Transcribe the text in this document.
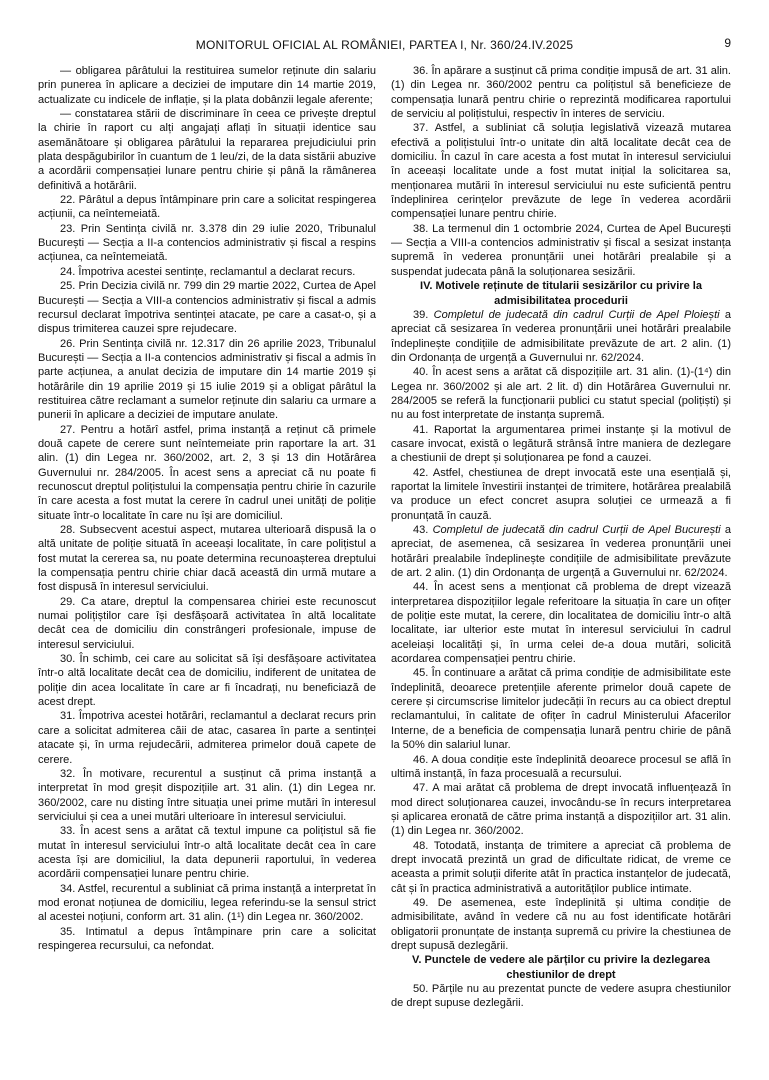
MONITORUL OFICIAL AL ROMÂNIEI, PARTEA I, Nr. 360/24.IV.2025	9

— obligarea pârâtului la restituirea sumelor reținute din salariu prin punerea în aplicare a deciziei de imputare din 14 martie 2019, actualizate cu indicele de inflație, și la plata dobânzii legale aferente;

— constatarea stării de discriminare în ceea ce privește dreptul la chirie în raport cu alți angajați aflați în situații identice sau asemănătoare și obligarea pârâtului la repararea prejudiciului prin plata despăgubirilor în cuantum de 1 leu/zi, de la data sistării abuzive a acordării compensației lunare pentru chirie și până la rămânerea definitivă a hotărârii.

22. Pârâtul a depus întâmpinare prin care a solicitat respingerea acțiunii, ca neîntemeiată.

23. Prin Sentința civilă nr. 3.378 din 29 iulie 2020, Tribunalul București — Secția a II-a contencios administrativ și fiscal a respins acțiunea, ca neîntemeiată.

24. Împotriva acestei sentințe, reclamantul a declarat recurs.

25. Prin Decizia civilă nr. 799 din 29 martie 2022, Curtea de Apel București — Secția a VIII-a contencios administrativ și fiscal a admis recursul declarat împotriva sentinței atacate, pe care a casat-o, și a dispus trimiterea cauzei spre rejudecare.

26. Prin Sentința civilă nr. 12.317 din 26 aprilie 2023, Tribunalul București — Secția a II-a contencios administrativ și fiscal a admis în parte acțiunea, a anulat decizia de imputare din 14 martie 2019 și hotărârile din 19 aprilie 2019 și 15 iulie 2019 și a obligat pârâtul la restituirea către reclamant a sumelor reținute din salariu ca urmare a punerii în aplicare a deciziei de imputare anulate.

27. Pentru a hotărî astfel, prima instanță a reținut că primele două capete de cerere sunt neîntemeiate prin raportare la art. 31 alin. (1) din Legea nr. 360/2002, art. 2, 3 și 13 din Hotărârea Guvernului nr. 284/2005. În acest sens a apreciat că nu poate fi recunoscut dreptul polițistului la compensația pentru chirie în cazurile în care acesta a fost mutat la cerere în cadrul unei unități de poliție situate într-o localitate în care nu își are domiciliul.

28. Subsecvent acestui aspect, mutarea ulterioară dispusă la o altă unitate de poliție situată în aceeași localitate, în care polițistul a fost mutat la cererea sa, nu poate determina recunoașterea dreptului la compensația pentru chirie chiar dacă această din urmă mutare a fost dispusă în interesul serviciului.

29. Ca atare, dreptul la compensarea chiriei este recunoscut numai polițiștilor care își desfășoară activitatea în altă localitate decât cea de domiciliu din constrângeri profesionale, impuse de interesul serviciului.

30. În schimb, cei care au solicitat să își desfășoare activitatea într-o altă localitate decât cea de domiciliu, indiferent de unitatea de poliție din acea localitate în care ar fi încadrați, nu beneficiază de acest drept.

31. Împotriva acestei hotărâri, reclamantul a declarat recurs prin care a solicitat admiterea căii de atac, casarea în parte a sentinței atacate și, în urma rejudecării, admiterea primelor două capete de cerere.

32. În motivare, recurentul a susținut că prima instanță a interpretat în mod greșit dispozițiile art. 31 alin. (1) din Legea nr. 360/2002, care nu disting între situația unei prime mutări în interesul serviciului și cea a unei mutări ulterioare în interesul serviciului.

33. În acest sens a arătat că textul impune ca polițistul să fie mutat în interesul serviciului într-o altă localitate decât cea în care acesta își are domiciliul, la data depunerii raportului, în vederea acordării compensației lunare pentru chirie.

34. Astfel, recurentul a subliniat că prima instanță a interpretat în mod eronat noțiunea de domiciliu, legea referindu-se la sensul strict al acestei noțiuni, conform art. 31 alin. (1¹) din Legea nr. 360/2002.

35. Intimatul a depus întâmpinare prin care a solicitat respingerea recursului, ca nefondat.

36. În apărare a susținut că prima condiție impusă de art. 31 alin. (1) din Legea nr. 360/2002 pentru ca polițistul să beneficieze de compensația lunară pentru chirie o reprezintă modificarea raportului de serviciu al polițistului, respectiv în interes de serviciu.

37. Astfel, a subliniat că soluția legislativă vizează mutarea efectivă a polițistului într-o unitate din altă localitate decât cea de domiciliu. În cazul în care acesta a fost mutat în interesul serviciului în aceeași localitate unde a fost mutat inițial la solicitarea sa, menționarea mutării în interesul serviciului nu este suficientă pentru îndeplinirea cerințelor prevăzute de lege în vederea acordării compensației lunare pentru chirie.

38. La termenul din 1 octombrie 2024, Curtea de Apel București — Secția a VIII-a contencios administrativ și fiscal a sesizat instanța supremă în vederea pronunțării unei hotărâri prealabile și a suspendat judecata până la soluționarea sesizării.

IV. Motivele reținute de titularii sesizărilor cu privire la admisibilitatea procedurii

39. Completul de judecată din cadrul Curții de Apel Ploiești a apreciat că sesizarea în vederea pronunțării unei hotărâri prealabile îndeplinește condițiile de admisibilitate prevăzute de art. 2 alin. (1) din Ordonanța de urgență a Guvernului nr. 62/2024.

40. În acest sens a arătat că dispozițiile art. 31 alin. (1)-(1⁴) din Legea nr. 360/2002 și ale art. 2 lit. d) din Hotărârea Guvernului nr. 284/2005 se referă la funcționarii publici cu statut special (polițiști) și nu au fost interpretate de instanța supremă.

41. Raportat la argumentarea primei instanțe și la motivul de casare invocat, există o legătură strânsă între maniera de dezlegare a chestiunii de drept și soluționarea pe fond a cauzei.

42. Astfel, chestiunea de drept invocată este una esențială și, raportat la limitele învestirii instanței de trimitere, hotărârea prealabilă va produce un efect concret asupra soluției ce urmează a fi pronunțată în cauză.

43. Completul de judecată din cadrul Curții de Apel București a apreciat, de asemenea, că sesizarea în vederea pronunțării unei hotărâri prealabile îndeplinește condițiile de admisibilitate prevăzute de art. 2 alin. (1) din Ordonanța de urgență a Guvernului nr. 62/2024.

44. În acest sens a menționat că problema de drept vizează interpretarea dispozițiilor legale referitoare la situația în care un ofițer de poliție este mutat, la cerere, din localitatea de domiciliu într-o altă localitate, iar ulterior este mutat în interesul serviciului în cadrul aceleiași localități și, în urma celei de-a doua mutări, solicită acordarea compensației pentru chirie.

45. În continuare a arătat că prima condiție de admisibilitate este îndeplinită, deoarece pretențiile aferente primelor două capete de cerere și circumscrise limitelor judecății în recurs au ca obiect dreptul reclamantului, în calitate de ofițer în cadrul Ministerului Afacerilor Interne, de a beneficia de compensația lunară pentru chirie de până la 50% din salariul lunar.

46. A doua condiție este îndeplinită deoarece procesul se află în ultimă instanță, în faza procesuală a recursului.

47. A mai arătat că problema de drept invocată influențează în mod direct soluționarea cauzei, invocându-se în recurs interpretarea și aplicarea eronată de către prima instanță a dispozițiilor art. 31 alin. (1) din Legea nr. 360/2002.

48. Totodată, instanța de trimitere a apreciat că problema de drept invocată prezintă un grad de dificultate ridicat, de vreme ce aceasta a primit soluții diferite atât în practica instanțelor de judecată, cât și în practica administrativă a autorităților publice intimate.

49. De asemenea, este îndeplinită și ultima condiție de admisibilitate, având în vedere că nu au fost identificate hotărâri obligatorii pronunțate de instanța supremă cu privire la chestiunea de drept supusă dezlegării.

V. Punctele de vedere ale părților cu privire la dezlegarea chestiunilor de drept

50. Părțile nu au prezentat puncte de vedere asupra chestiunilor de drept supuse dezlegării.
